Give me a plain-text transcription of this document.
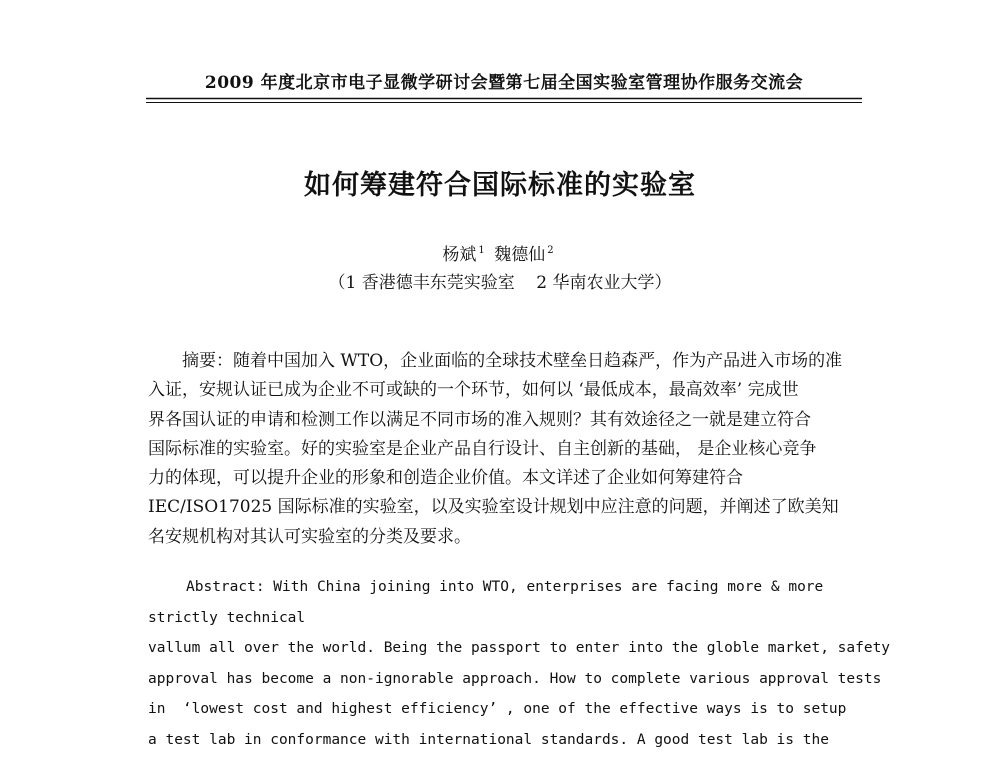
2009 年度北京市电子显微学研讨会暨第七届全国实验室管理协作服务交流会
如何筹建符合国际标准的实验室
杨斌 $^1$ 魏德仙 $^2$
（1 香港德丰东莞实验室    2 华南农业大学）
摘要：随着中国加入 WTO，企业面临的全球技术壁垒日趋森严，作为产品进入市场的准
入证，安规认证已成为企业不可或缺的一个环节，如何以 ‘最低成本，最高效率’ 完成世
界各国认证的申请和检测工作以满足不同市场的准入规则？其有效途径之一就是建立符合
国际标准的实验室。好的实验室是企业产品自行设计、自主创新的基础， 是企业核心竞争
力的体现，可以提升企业的形象和创造企业价值。本文详述了企业如何筹建符合
IEC/ISO17025 国际标准的实验室，以及实验室设计规划中应注意的问题，并阐述了欧美知
名安规机构对其认可实验室的分类及要求。
Abstract: With China joining into WTO, enterprises are facing more & more
strictly technical
vallum all over the world. Being the passport to enter into the globle market, safety
approval has become a non-ignorable approach. How to complete various approval tests
in  ‘lowest cost and highest efficiency’ , one of the effective ways is to setup
a test lab in conformance with international standards. A good test lab is the
